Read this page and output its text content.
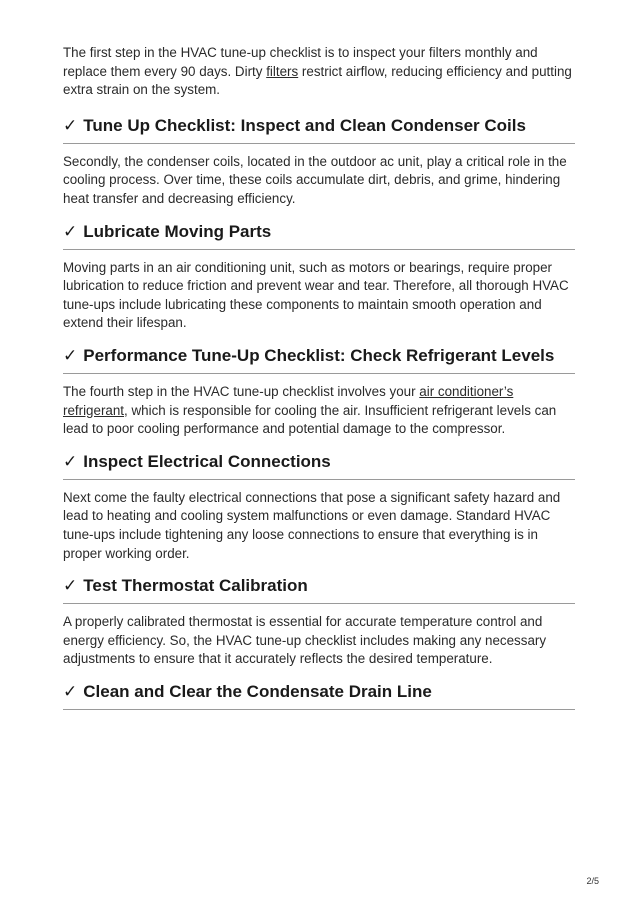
The first step in the HVAC tune-up checklist is to inspect your filters monthly and replace them every 90 days. Dirty filters restrict airflow, reducing efficiency and putting extra strain on the system.

✓ Tune Up Checklist: Inspect and Clean Condenser Coils

Secondly, the condenser coils, located in the outdoor ac unit, play a critical role in the cooling process. Over time, these coils accumulate dirt, debris, and grime, hindering heat transfer and decreasing efficiency.

✓ Lubricate Moving Parts

Moving parts in an air conditioning unit, such as motors or bearings, require proper lubrication to reduce friction and prevent wear and tear. Therefore, all thorough HVAC tune-ups include lubricating these components to maintain smooth operation and extend their lifespan.

✓ Performance Tune-Up Checklist: Check Refrigerant Levels

The fourth step in the HVAC tune-up checklist involves your air conditioner’s refrigerant, which is responsible for cooling the air. Insufficient refrigerant levels can lead to poor cooling performance and potential damage to the compressor.

✓ Inspect Electrical Connections

Next come the faulty electrical connections that pose a significant safety hazard and lead to heating and cooling system malfunctions or even damage. Standard HVAC tune-ups include tightening any loose connections to ensure that everything is in proper working order.

✓ Test Thermostat Calibration

A properly calibrated thermostat is essential for accurate temperature control and energy efficiency. So, the HVAC tune-up checklist includes making any necessary adjustments to ensure that it accurately reflects the desired temperature.

✓ Clean and Clear the Condensate Drain Line
2/5
